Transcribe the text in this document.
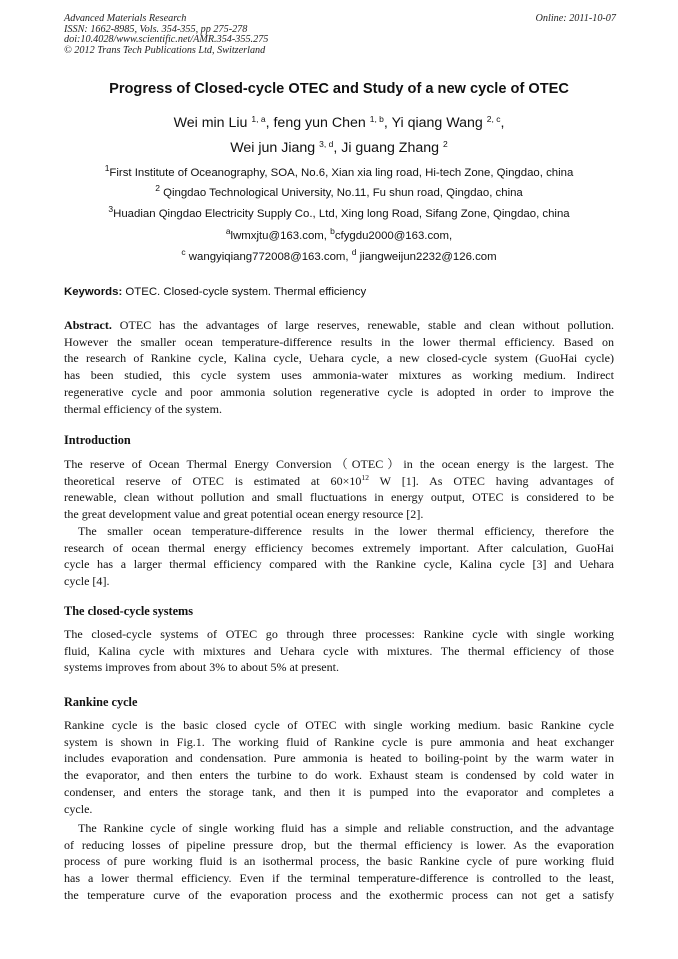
Advanced Materials Research
ISSN: 1662-8985, Vols. 354-355, pp 275-278
doi:10.4028/www.scientific.net/AMR.354-355.275
© 2012 Trans Tech Publications Ltd, Switzerland
Online: 2011-10-07
Progress of Closed-cycle OTEC and Study of a new cycle of OTEC
Wei min Liu $^{1, a}$, feng yun Chen $^{1, b}$, Yi qiang Wang $^{2, c}$,
Wei jun Jiang $^{3, d}$, Ji guang Zhang $^2$
$^1$First Institute of Oceanography, SOA, No.6, Xian xia ling road, Hi-tech Zone, Qingdao, china
$^2$ Qingdao Technological University, No.11, Fu shun road, Qingdao, china
$^3$Huadian Qingdao Electricity Supply Co., Ltd, Xing long Road, Sifang Zone, Qingdao, china
$^a$lwmxjtu@163.com, $^b$cfygdu2000@163.com,
$^c$ wangyiqiang772008@163.com, $^d$ jiangweijun2232@126.com
Keywords: OTEC. Closed-cycle system. Thermal efficiency
Abstract. OTEC has the advantages of large reserves, renewable, stable and clean without pollution.
However the smaller ocean temperature-difference results in the lower thermal efficiency. Based on
the research of Rankine cycle, Kalina cycle, Uehara cycle, a new closed-cycle system (GuoHai cycle)
has been studied, this cycle system uses ammonia-water mixtures as working medium. Indirect
regenerative cycle and poor ammonia solution regenerative cycle is adopted in order to improve the
thermal efficiency of the system.
Introduction
The reserve of Ocean Thermal Energy Conversion（OTEC）in the ocean energy is the largest. The
theoretical reserve of OTEC is estimated at $60\times 10^{12}$ W [1]. As OTEC having advantages of
renewable, clean without pollution and small fluctuations in energy output, OTEC is considered to be
the great development value and great potential ocean energy resource [2].
The smaller ocean temperature-difference results in the lower thermal efficiency, therefore the
research of ocean thermal energy efficiency becomes extremely important. After calculation, GuoHai
cycle has a larger thermal efficiency compared with the Rankine cycle, Kalina cycle [3] and Uehara
cycle [4].
The closed-cycle systems
The closed-cycle systems of OTEC go through three processes: Rankine cycle with single working
fluid, Kalina cycle with mixtures and Uehara cycle with mixtures. The thermal efficiency of those
systems improves from about 3% to about 5% at present.
Rankine cycle
Rankine cycle is the basic closed cycle of OTEC with single working medium. basic Rankine cycle
system is shown in Fig.1. The working fluid of Rankine cycle is pure ammonia and heat exchanger
includes evaporation and condensation. Pure ammonia is heated to boiling-point by the warm water in
the evaporator, and then enters the turbine to do work. Exhaust steam is condensed by cold water in
condenser, and enters the storage tank, and then it is pumped into the evaporator and completes a
cycle.
The Rankine cycle of single working fluid has a simple and reliable construction, and the advantage
of reducing losses of pipeline pressure drop, but the thermal efficiency is lower. As the evaporation
process of pure working fluid is an isothermal process, the basic Rankine cycle of pure working fluid
has a lower thermal efficiency. Even if the terminal temperature-difference is controlled to the least,
the temperature curve of the evaporation process and the exothermic process can not get a satisfy
